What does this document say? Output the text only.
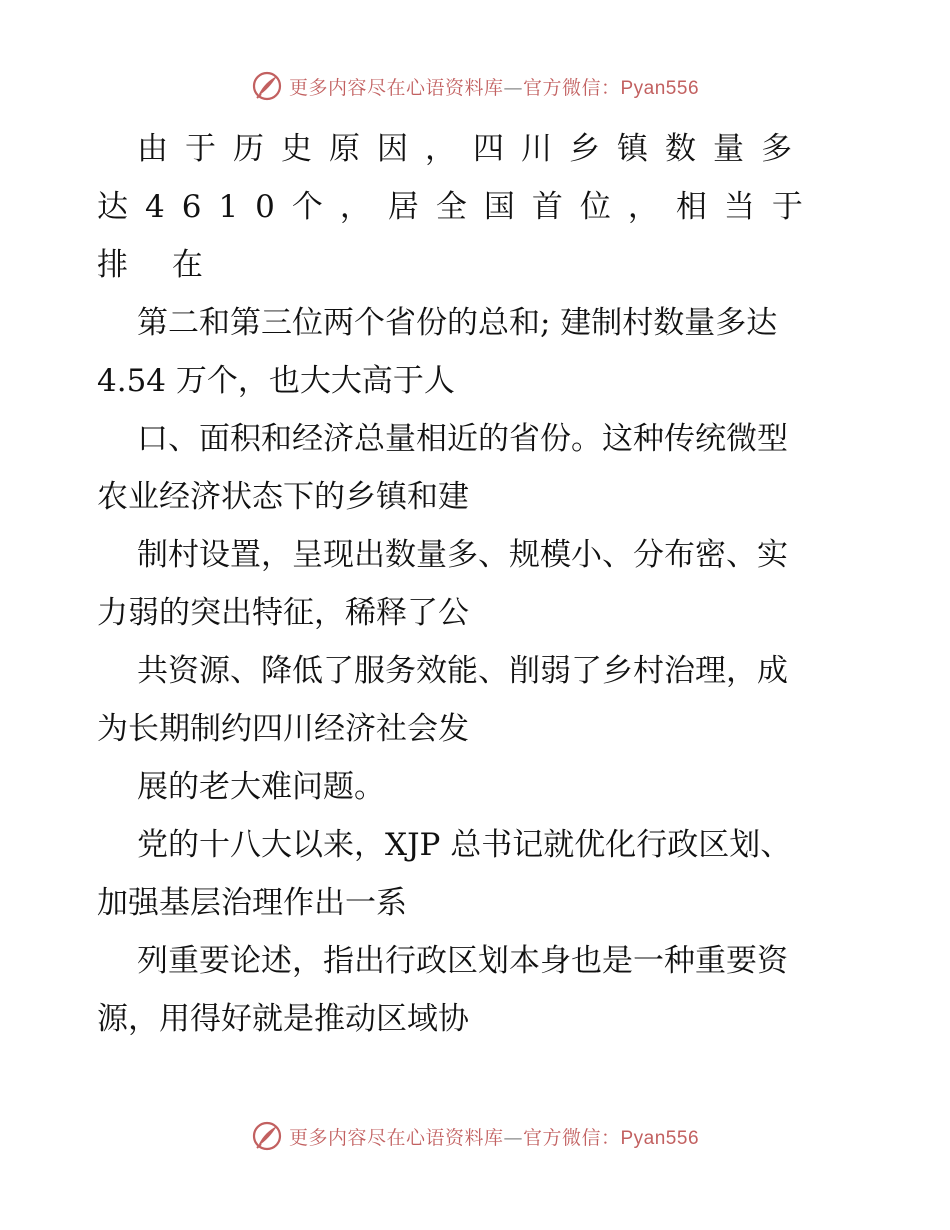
更多内容尽在心语资料库—官方微信：Pyan556
由于历史原因，四川乡镇数量多
达4610个，居全国首位，相当于
排 在
第二和第三位两个省份的总和; 建制村数量多达
4.54 万个，也大大高于人
口、面积和经济总量相近的省份。这种传统微型
农业经济状态下的乡镇和建
制村设置，呈现出数量多、规模小、分布密、实
力弱的突出特征，稀释了公
共资源、降低了服务效能、削弱了乡村治理，成
为长期制约四川经济社会发
展的老大难问题。
党的十八大以来，XJP 总书记就优化行政区划、
加强基层治理作出一系
列重要论述，指出行政区划本身也是一种重要资
源，用得好就是推动区域协
更多内容尽在心语资料库—官方微信：Pyan556
